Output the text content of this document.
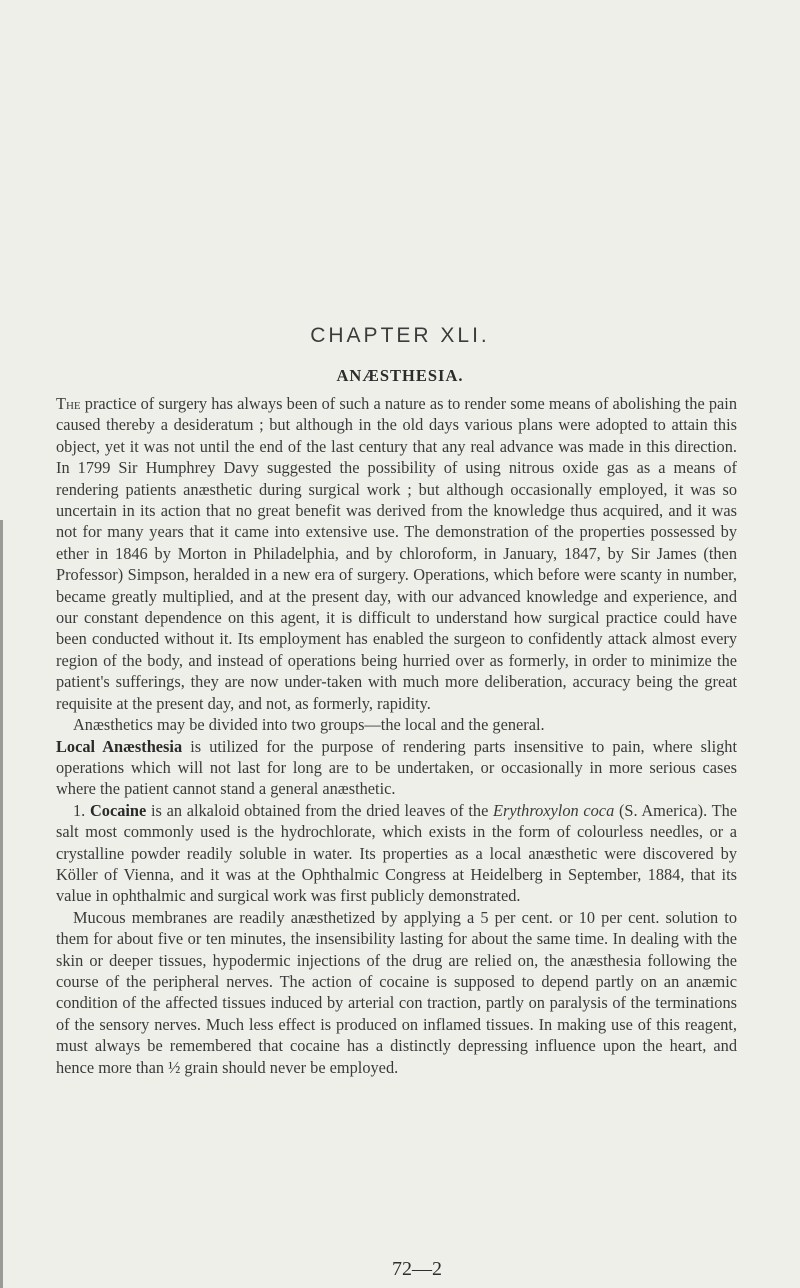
CHAPTER XLI.
ANÆSTHESIA.

The practice of surgery has always been of such a nature as to render some means of abolishing the pain caused thereby a desideratum ; but although in the old days various plans were adopted to attain this object, yet it was not until the end of the last century that any real advance was made in this direction. In 1799 Sir Humphrey Davy suggested the possibility of using nitrous oxide gas as a means of rendering patients anæsthetic during surgical work ; but although occasionally employed, it was so uncertain in its action that no great benefit was derived from the knowledge thus acquired, and it was not for many years that it came into extensive use. The demonstration of the properties possessed by ether in 1846 by Morton in Philadelphia, and by chloroform, in January, 1847, by Sir James (then Professor) Simpson, heralded in a new era of surgery. Operations, which before were scanty in number, became greatly multiplied, and at the present day, with our advanced knowledge and experience, and our constant dependence on this agent, it is difficult to understand how surgical practice could have been conducted without it. Its employment has enabled the surgeon to confidently attack almost every region of the body, and instead of operations being hurried over as formerly, in order to minimize the patient's sufferings, they are now under-taken with much more deliberation, accuracy being the great requisite at the present day, and not, as formerly, rapidity.

Anæsthetics may be divided into two groups—the local and the general.

Local Anæsthesia is utilized for the purpose of rendering parts insensitive to pain, where slight operations which will not last for long are to be undertaken, or occasionally in more serious cases where the patient cannot stand a general anæsthetic.

1. Cocaine is an alkaloid obtained from the dried leaves of the Erythroxylon coca (S. America). The salt most commonly used is the hydrochlorate, which exists in the form of colourless needles, or a crystalline powder readily soluble in water. Its properties as a local anæsthetic were discovered by Köller of Vienna, and it was at the Ophthalmic Congress at Heidelberg in September, 1884, that its value in ophthalmic and surgical work was first publicly demonstrated.

Mucous membranes are readily anæsthetized by applying a 5 per cent. or 10 per cent. solution to them for about five or ten minutes, the insensibility lasting for about the same time. In dealing with the skin or deeper tissues, hypodermic injections of the drug are relied on, the anæsthesia following the course of the peripheral nerves. The action of cocaine is supposed to depend partly on an anæmic condition of the affected tissues induced by arterial con traction, partly on paralysis of the terminations of the sensory nerves. Much less effect is produced on inflamed tissues. In making use of this reagent, must always be remembered that cocaine has a distinctly depressing influence upon the heart, and hence more than ½ grain should never be employed.

72—2
